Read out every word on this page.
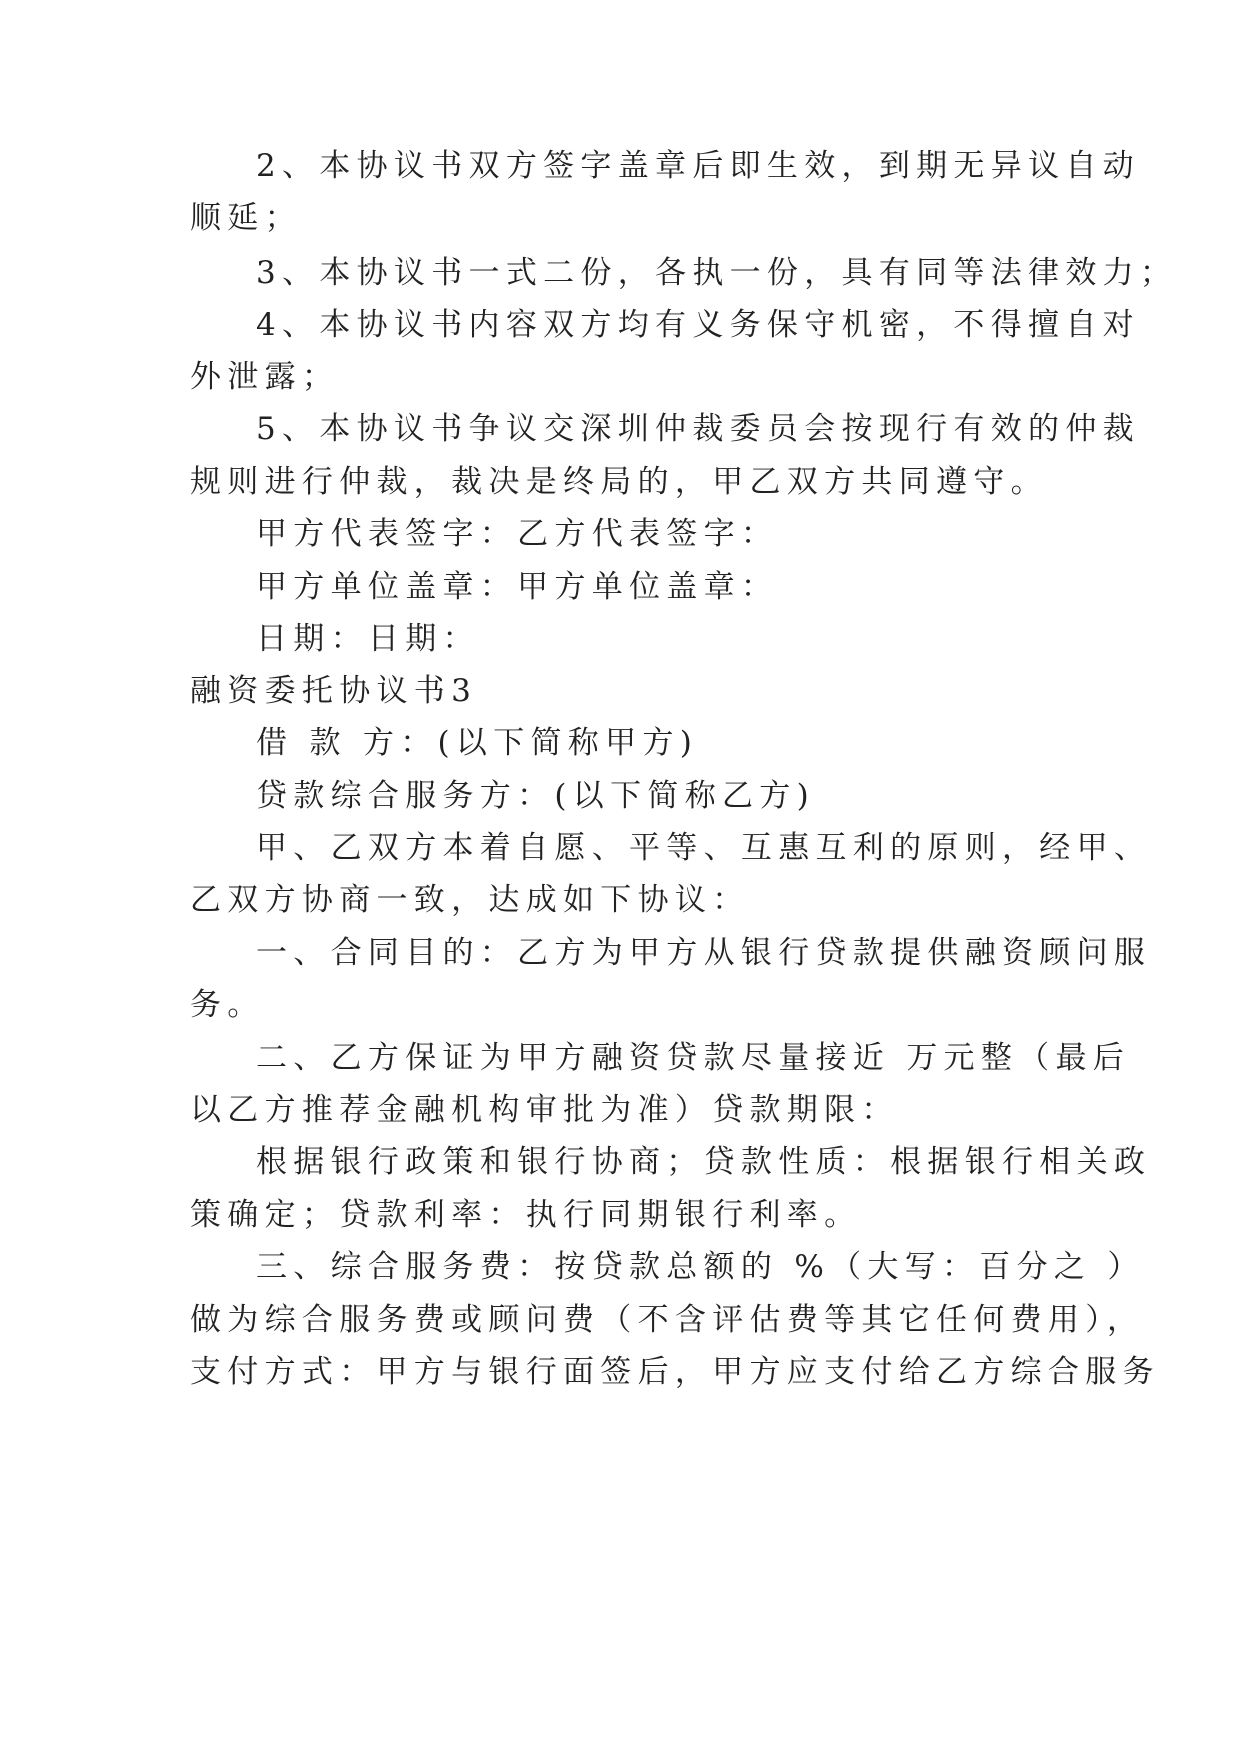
2、本协议书双方签字盖章后即生效，到期无异议自动
顺延；
3、本协议书一式二份，各执一份，具有同等法律效力；
4、本协议书内容双方均有义务保守机密，不得擅自对
外泄露；
5、本协议书争议交深圳仲裁委员会按现行有效的仲裁
规则进行仲裁，裁决是终局的，甲乙双方共同遵守。
甲方代表签字：乙方代表签字：
甲方单位盖章：甲方单位盖章：
日期：日期：
融资委托协议书3
借 款 方：(以下简称甲方)
贷款综合服务方：(以下简称乙方)
甲、乙双方本着自愿、平等、互惠互利的原则，经甲、
乙双方协商一致，达成如下协议：
一、合同目的：乙方为甲方从银行贷款提供融资顾问服
务。
二、乙方保证为甲方融资贷款尽量接近 万元整（最后
以乙方推荐金融机构审批为准）贷款期限：
根据银行政策和银行协商；贷款性质：根据银行相关政
策确定；贷款利率：执行同期银行利率。
三、综合服务费：按贷款总额的 %（大写：百分之 ）
做为综合服务费或顾问费（不含评估费等其它任何费用），
支付方式：甲方与银行面签后，甲方应支付给乙方综合服务
